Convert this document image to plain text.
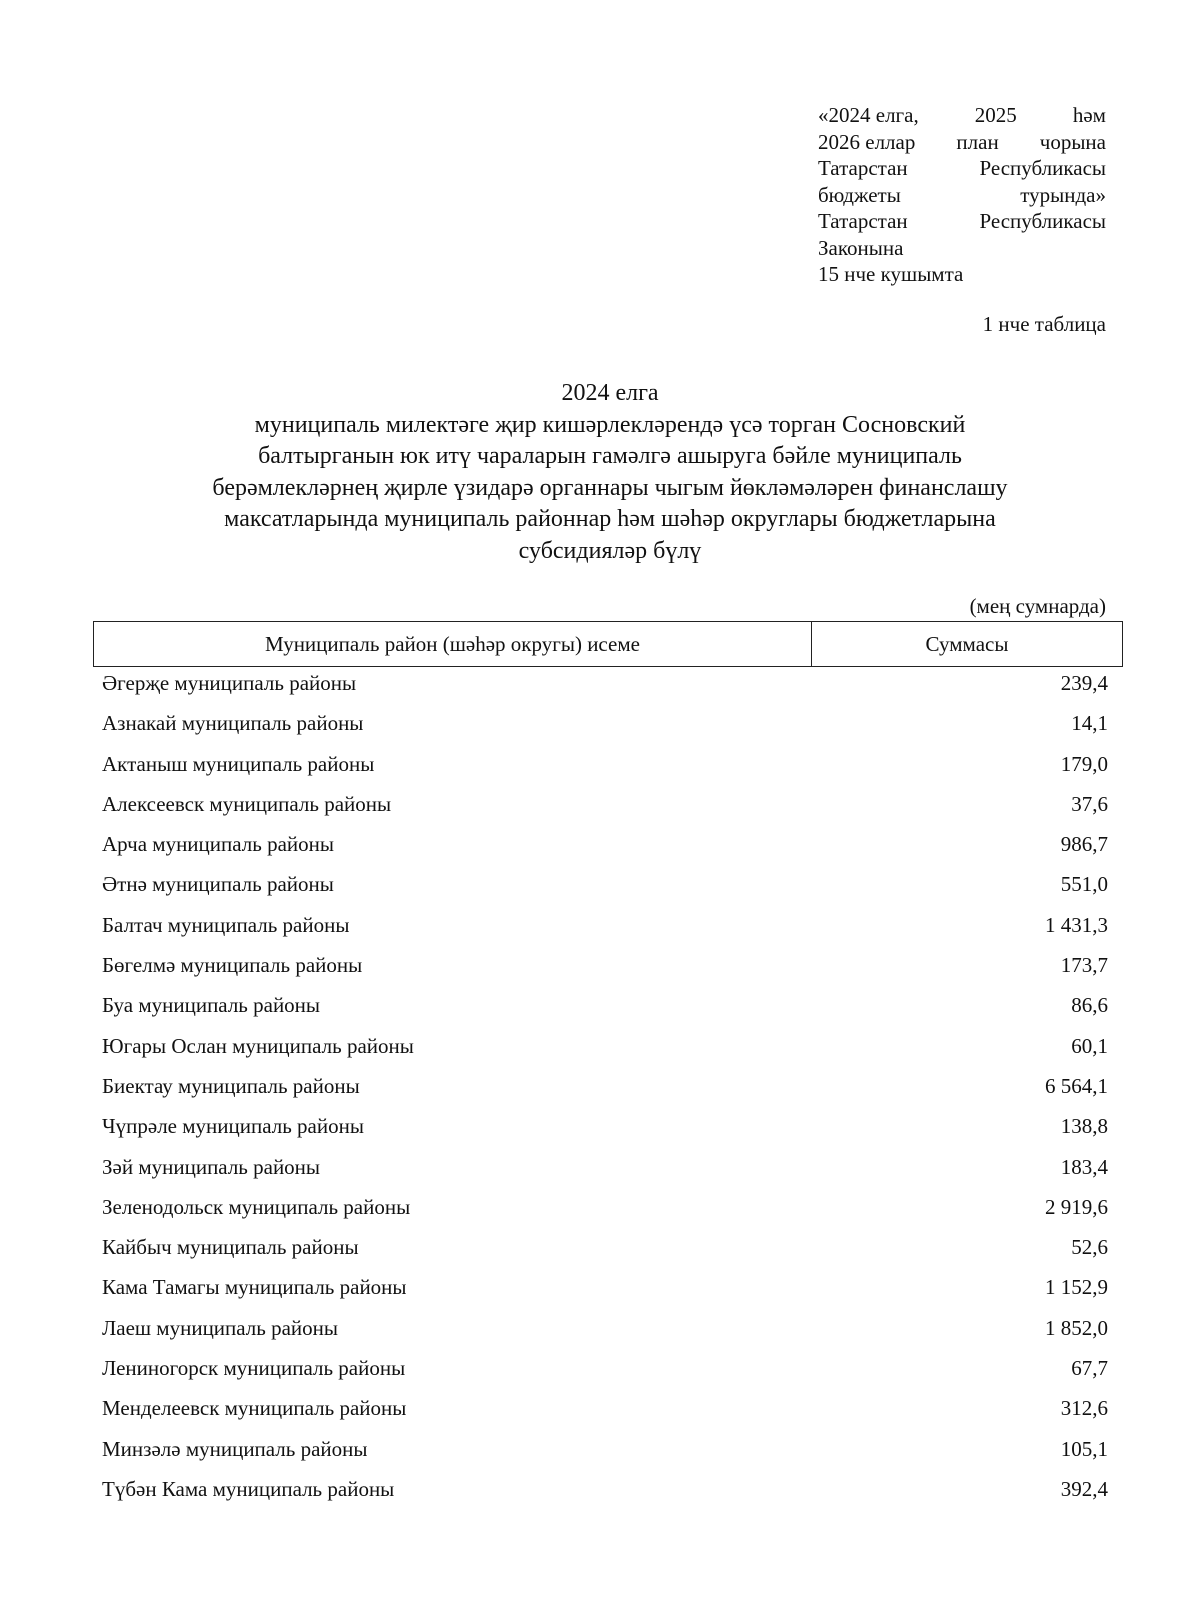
«2024 елга,	2025	һәм
2026 еллар план чорына
Татарстан	Республикасы
бюджеты	турында»
Татарстан	Республикасы
Законына
15 нче кушымта
1 нче таблица
2024 елга
муниципаль милектәге җир кишәрлекләрендә үсә торган Сосновский
балтырганын юк итү чараларын гамәлгә ашыруга бәйле муниципаль
берәмлекләрнең җирле үзидарә органнары чыгым йөкләмәләрен финанслашу
максатларында муниципаль районнар һәм шәһәр округлары бюджетларына
субсидияләр бүлү
(мең сумнарда)
Муниципаль район (шәһәр округы) исеме	Суммасы
Әгерҗе муниципаль районы	239,4
Азнакай муниципаль районы	14,1
Актаныш муниципаль районы	179,0
Алексеевск муниципаль районы	37,6
Арча муниципаль районы	986,7
Әтнә муниципаль районы	551,0
Балтач муниципаль районы	1 431,3
Бөгелмә муниципаль районы	173,7
Буа муниципаль районы	86,6
Югары Ослан муниципаль районы	60,1
Биектау муниципаль районы	6 564,1
Чүпрәле муниципаль районы	138,8
Зәй муниципаль районы	183,4
Зеленодольск муниципаль районы	2 919,6
Кайбыч муниципаль районы	52,6
Кама Тамагы муниципаль районы	1 152,9
Лаеш муниципаль районы	1 852,0
Лениногорск муниципаль районы	67,7
Менделеевск муниципаль районы	312,6
Минзәлә муниципаль районы	105,1
Түбән Кама муниципаль районы	392,4
